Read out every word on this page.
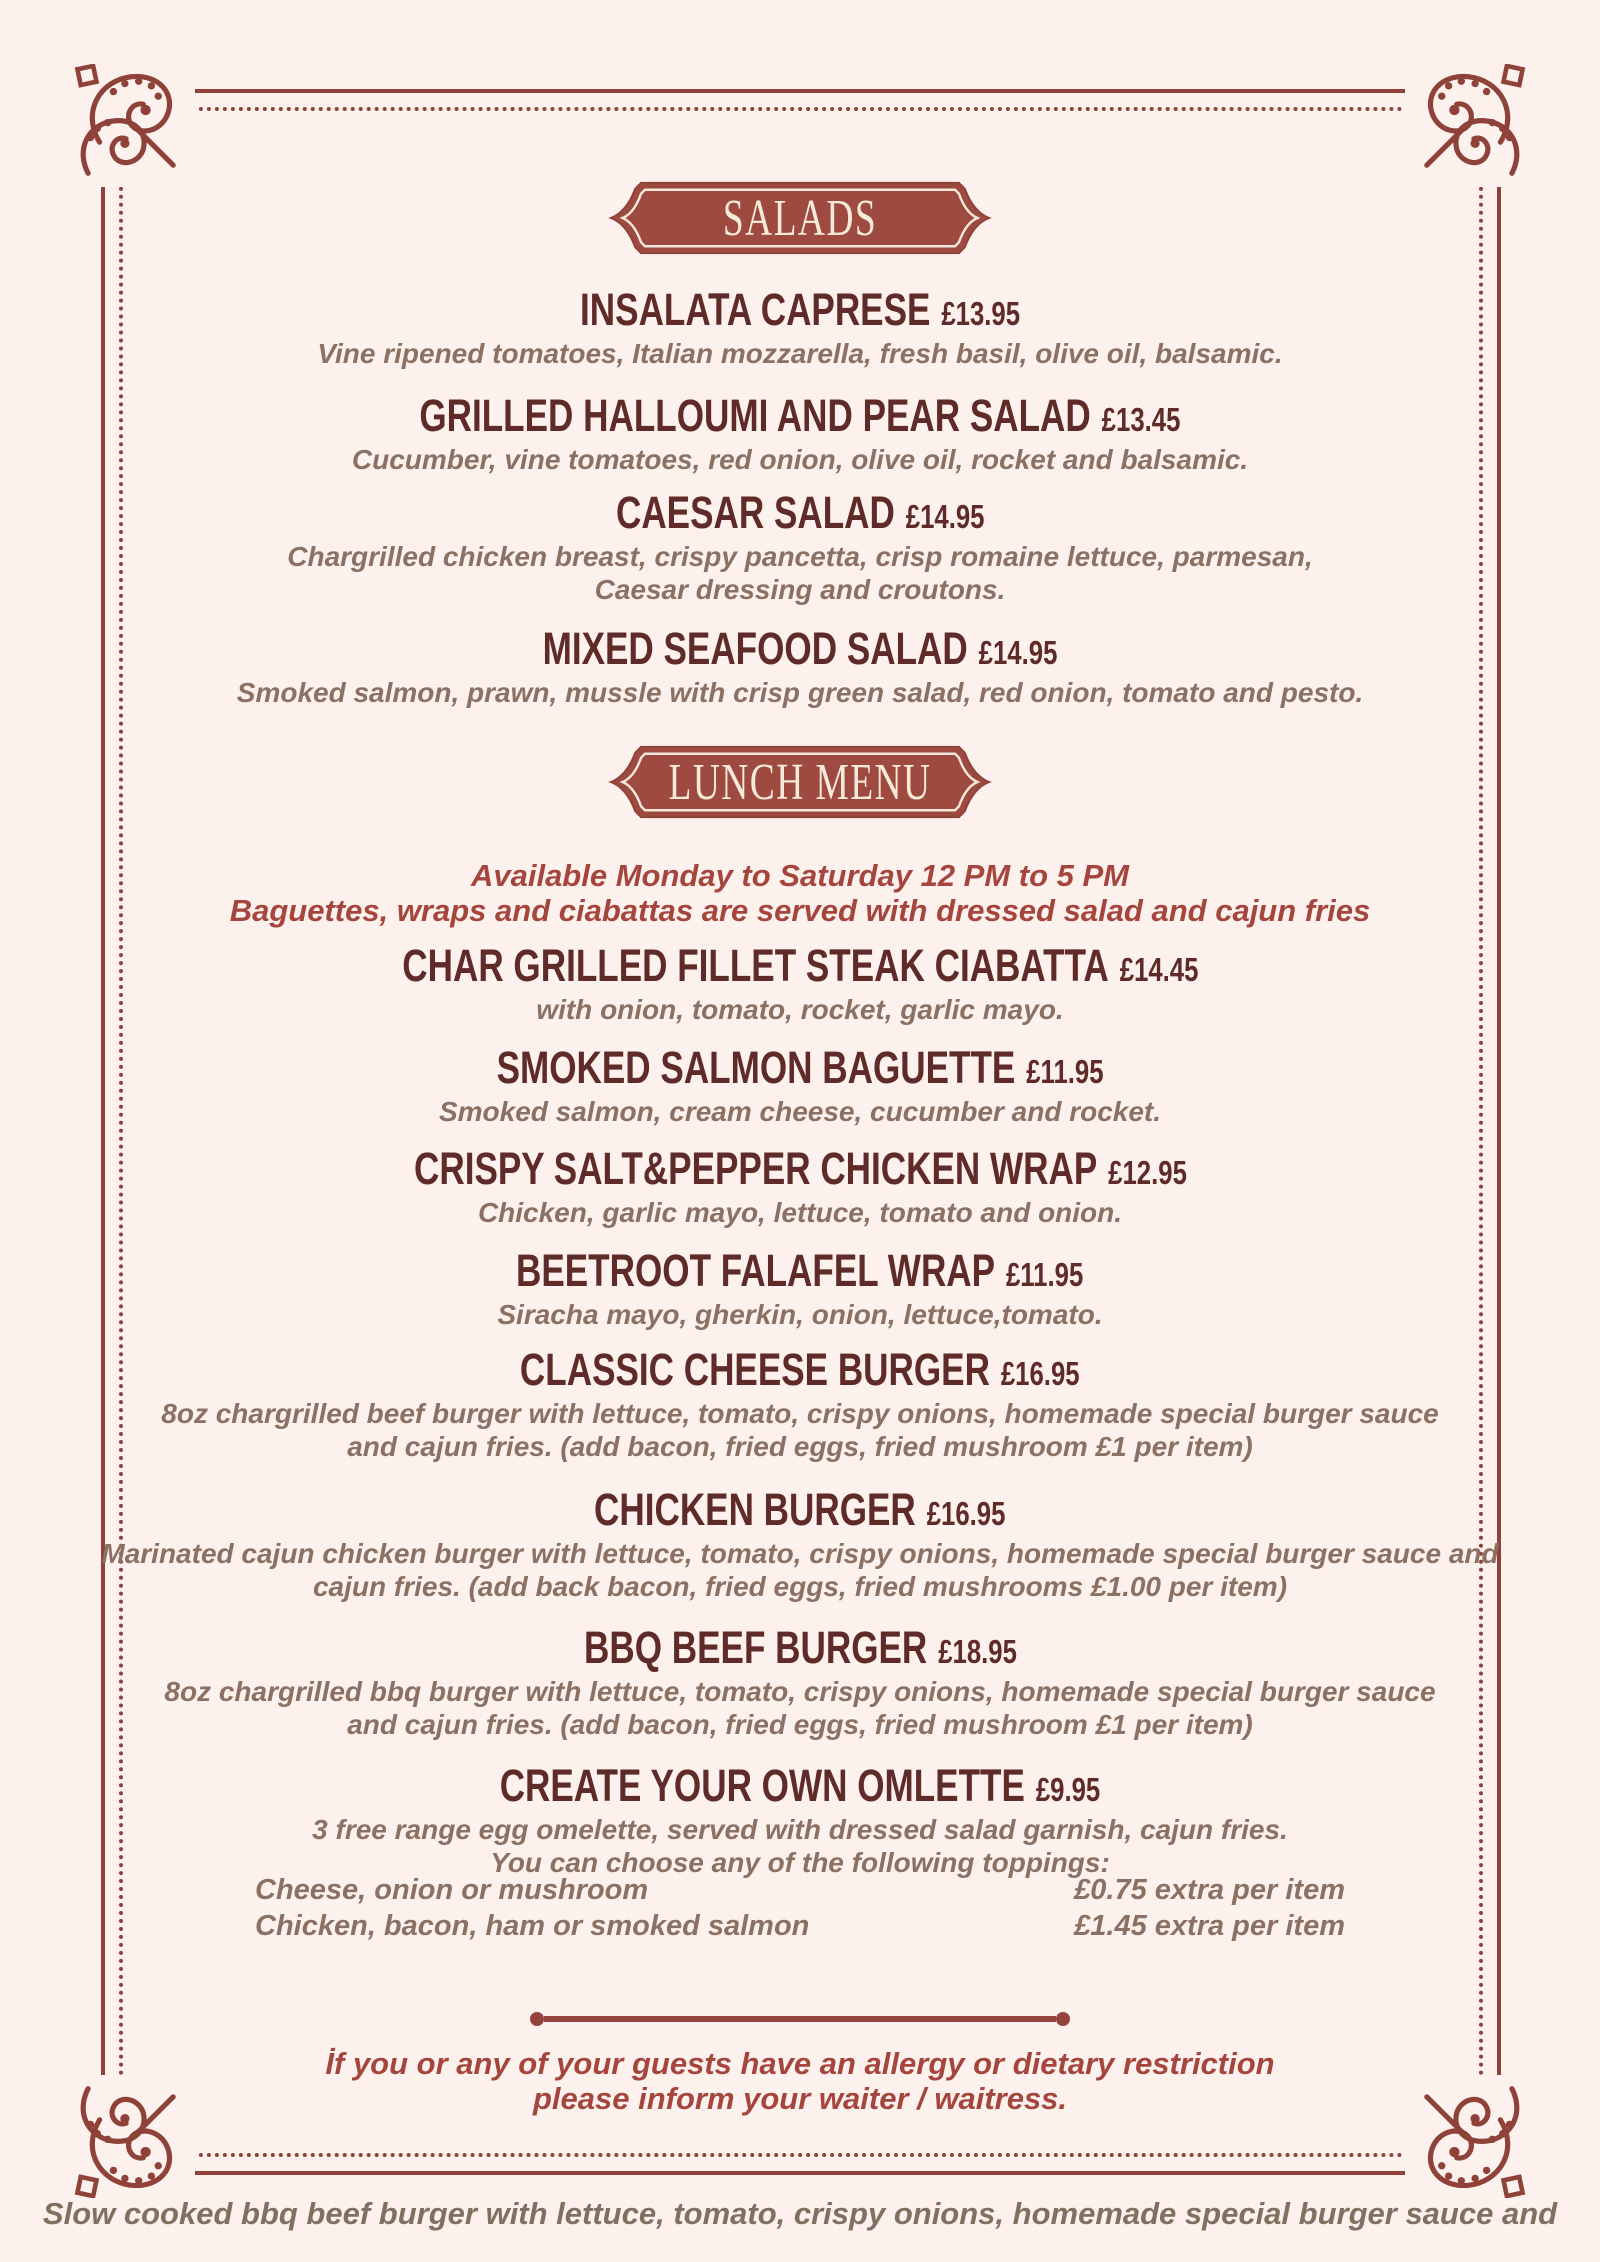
SALADS
INSALATA CAPRESE £13.95
Vine ripened tomatoes, Italian mozzarella, fresh basil, olive oil, balsamic.
GRILLED HALLOUMI AND PEAR SALAD £13.45
Cucumber, vine tomatoes, red onion, olive oil, rocket and balsamic.
CAESAR SALAD £14.95
Chargrilled chicken breast, crispy pancetta, crisp romaine lettuce, parmesan,
Caesar dressing and croutons.
MIXED SEAFOOD SALAD £14.95
Smoked salmon, prawn, mussle with crisp green salad, red onion, tomato and pesto.
LUNCH MENU
Available Monday to Saturday 12 PM to 5 PM
Baguettes, wraps and ciabattas are served with dressed salad and cajun fries
CHAR GRILLED FILLET STEAK CIABATTA £14.45
with onion, tomato, rocket, garlic mayo.
SMOKED SALMON BAGUETTE £11.95
Smoked salmon, cream cheese, cucumber and rocket.
CRISPY SALT&PEPPER CHICKEN WRAP £12.95
Chicken, garlic mayo, lettuce, tomato and onion.
BEETROOT FALAFEL WRAP £11.95
Siracha mayo, gherkin, onion, lettuce,tomato.
CLASSIC CHEESE BURGER £16.95
8oz chargrilled beef burger with lettuce, tomato, crispy onions, homemade special burger sauce
and cajun fries. (add bacon, fried eggs, fried mushroom £1 per item)
CHICKEN BURGER £16.95
Marinated cajun chicken burger with lettuce, tomato, crispy onions, homemade special burger sauce and
cajun fries. (add back bacon, fried eggs, fried mushrooms £1.00 per item)
BBQ BEEF BURGER £18.95
8oz chargrilled bbq burger with lettuce, tomato, crispy onions, homemade special burger sauce
and cajun fries. (add bacon, fried eggs, fried mushroom £1 per item)
CREATE YOUR OWN OMLETTE £9.95
3 free range egg omelette, served with dressed salad garnish, cajun fries.
You can choose any of the following toppings:
Cheese, onion or mushroom	£0.75 extra per item
Chicken, bacon, ham or smoked salmon	£1.45 extra per item
İf you or any of your guests have an allergy or dietary restriction
please inform your waiter / waitress.
Slow cooked bbq beef burger with lettuce, tomato, crispy onions, homemade special burger sauce and
